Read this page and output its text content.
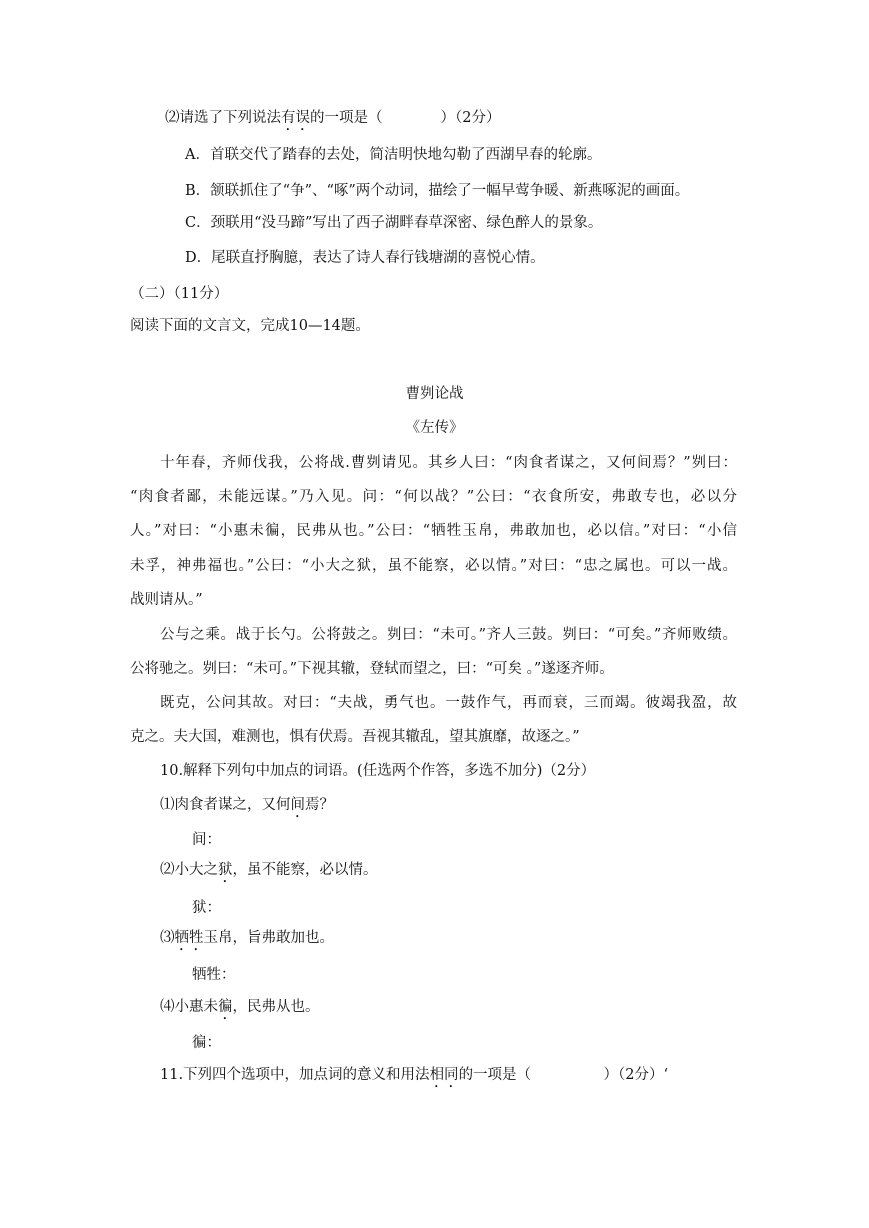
⑵请选了下列说法有误的一项是（　　　　）（2分）
A．首联交代了踏春的去处，简洁明快地勾勒了西湖早春的轮廓。
B．颔联抓住了“争”、“啄”两个动词，描绘了一幅早莺争暖、新燕啄泥的画面。
C．颈联用“没马蹄”写出了西子湖畔春草深密、绿色醉人的景象。
D．尾联直抒胸臆，表达了诗人春行钱塘湖的喜悦心情。
（二）（11分）
阅读下面的文言文，完成10—14题。
曹刿论战
《左传》
十年春，齐师伐我，公将战.曹刿请见。其乡人曰：“肉食者谋之，又何间焉？”刿曰：
“肉食者鄙，未能远谋。”乃入见。问：“何以战？”公曰：“衣食所安，弗敢专也，必以分
人。”对曰：“小惠未徧，民弗从也。”公曰：“牺牲玉帛，弗敢加也，必以信。”对曰：“小信
未孚，神弗福也。”公曰：“小大之狱，虽不能察，必以情。”对曰：“忠之属也。可以一战。
战则请从。”
公与之乘。战于长勺。公将鼓之。刿曰：“未可。”齐人三鼓。刿曰：“可矣。”齐师败绩。
公将驰之。刿曰：“未可。”下视其辙，登轼而望之，曰：“可矣 。”遂逐齐师。
既克，公问其故。对曰：“夫战，勇气也。一鼓作气，再而衰，三而竭。彼竭我盈，故
克之。夫大国，难测也，惧有伏焉。吾视其辙乱，望其旗靡，故逐之。”
10.解释下列句中加点的词语。(任选两个作答，多选不加分)（2分）
⑴肉食者谋之，又何间焉？
间：
⑵小大之狱，虽不能察，必以情。
狱：
⑶牺牲玉帛，旨弗敢加也。
牺牲：
⑷小惠未徧，民弗从也。
徧：
11.下列四个选项中，加点词的意义和用法相同的一项是（　　　　　）（2分）‘
